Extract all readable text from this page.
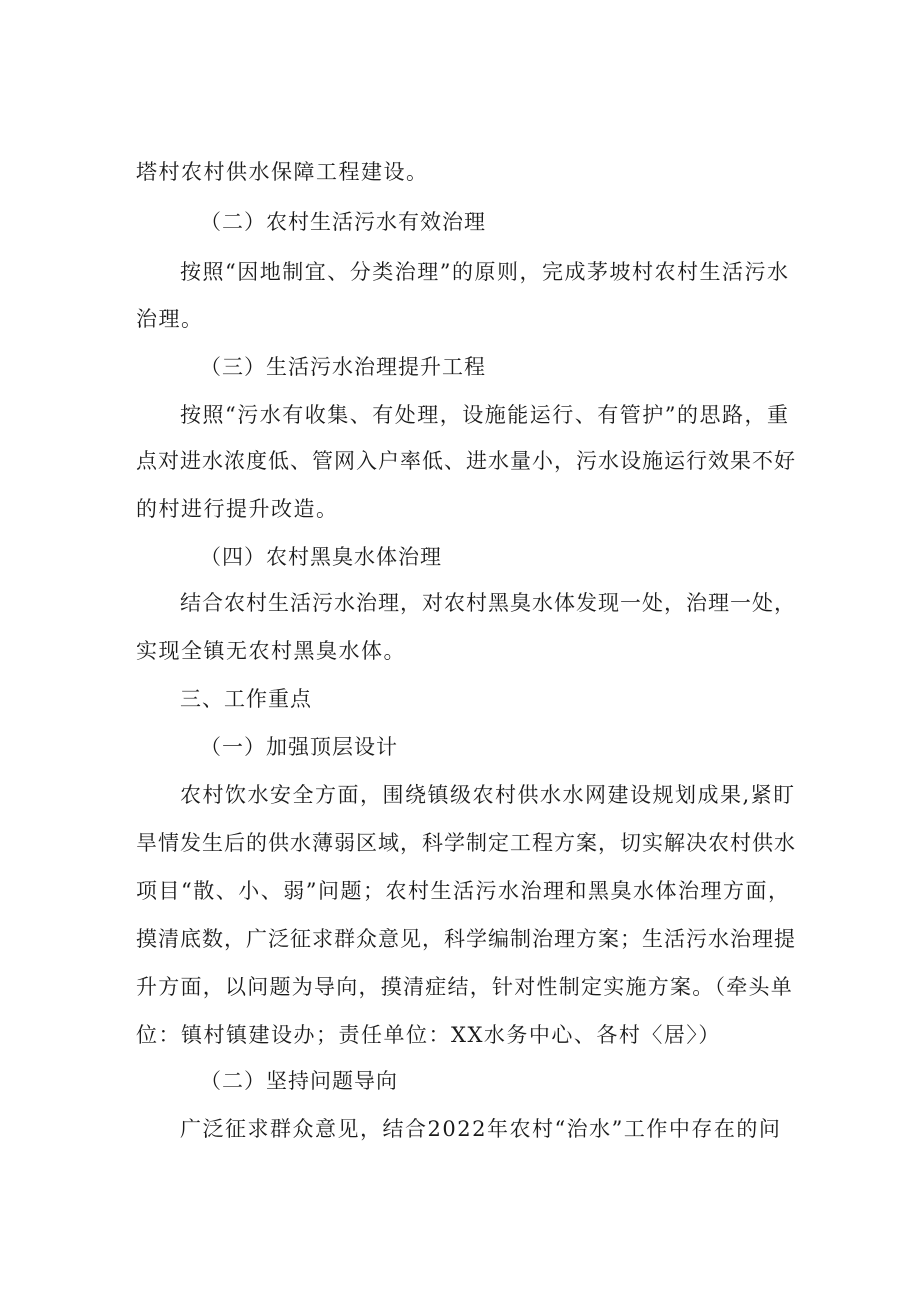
塔村农村供水保障工程建设。

（二）农村生活污水有效治理

按照“因地制宜、分类治理”的原则，完成茅坡村农村生活污水

治理。

（三）生活污水治理提升工程

按照“污水有收集、有处理，设施能运行、有管护”的思路，重

点对进水浓度低、管网入户率低、进水量小，污水设施运行效果不好

的村进行提升改造。

（四）农村黑臭水体治理

结合农村生活污水治理，对农村黑臭水体发现一处，治理一处，

实现全镇无农村黑臭水体。

三、工作重点

（一）加强顶层设计

农村饮水安全方面，围绕镇级农村供水水网建设规划成果,紧盯

旱情发生后的供水薄弱区域，科学制定工程方案，切实解决农村供水

项目“散、小、弱”问题；农村生活污水治理和黑臭水体治理方面，

摸清底数，广泛征求群众意见，科学编制治理方案；生活污水治理提

升方面，以问题为导向，摸清症结，针对性制定实施方案。（牵头单

位：镇村镇建设办；责任单位：XX水务中心、各村〈居〉）

（二）坚持问题导向

广泛征求群众意见，结合2022年农村“治水”工作中存在的问
